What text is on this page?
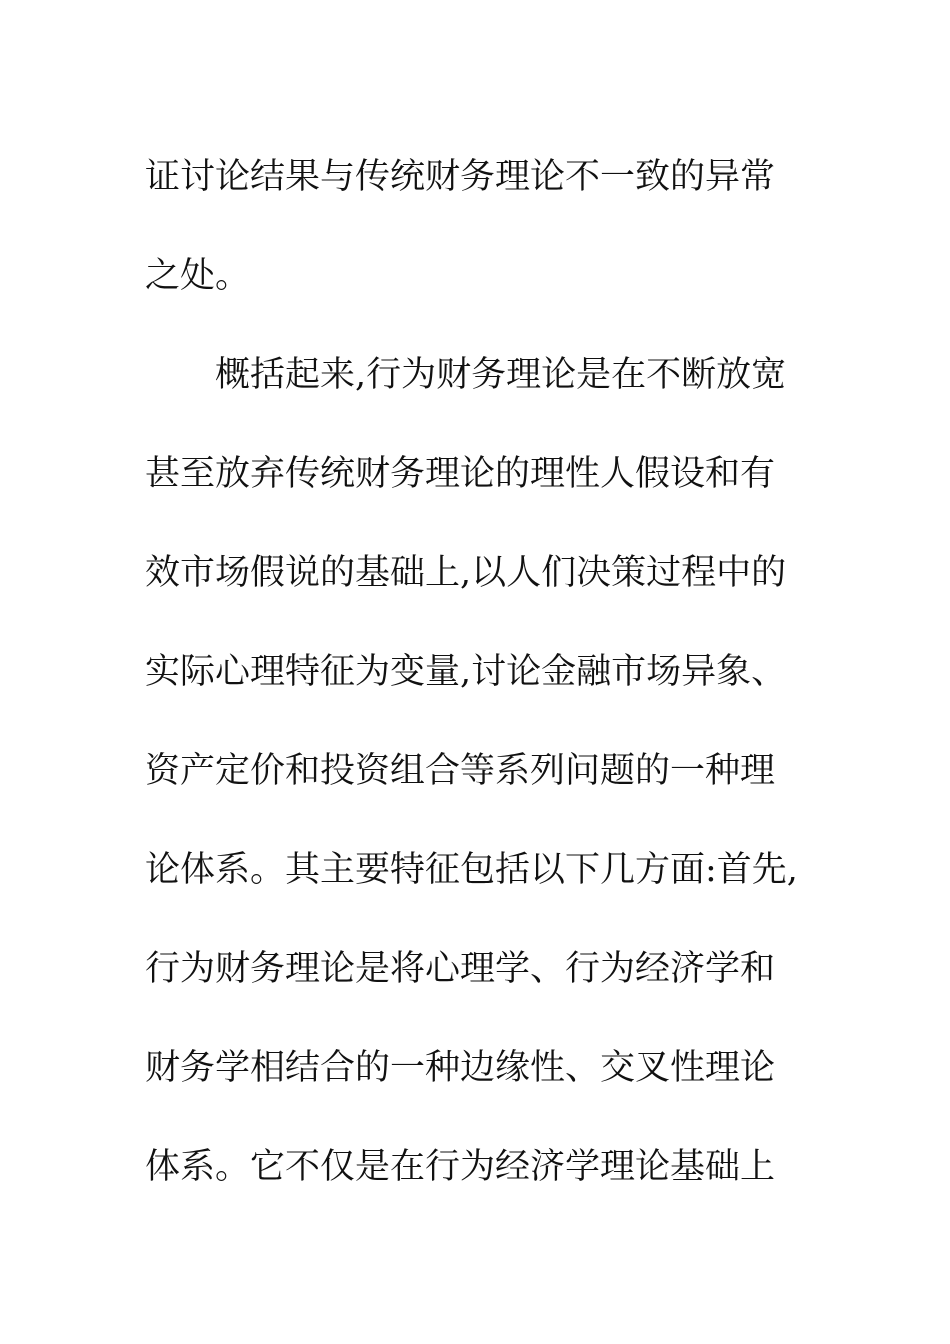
证讨论结果与传统财务理论不一致的异常
之处。
概括起来,行为财务理论是在不断放宽
甚至放弃传统财务理论的理性人假设和有
效市场假说的基础上,以人们决策过程中的
实际心理特征为变量,讨论金融市场异象、
资产定价和投资组合等系列问题的一种理
论体系。其主要特征包括以下几方面:首先,
行为财务理论是将心理学、行为经济学和
财务学相结合的一种边缘性、交叉性理论
体系。它不仅是在行为经济学理论基础上
